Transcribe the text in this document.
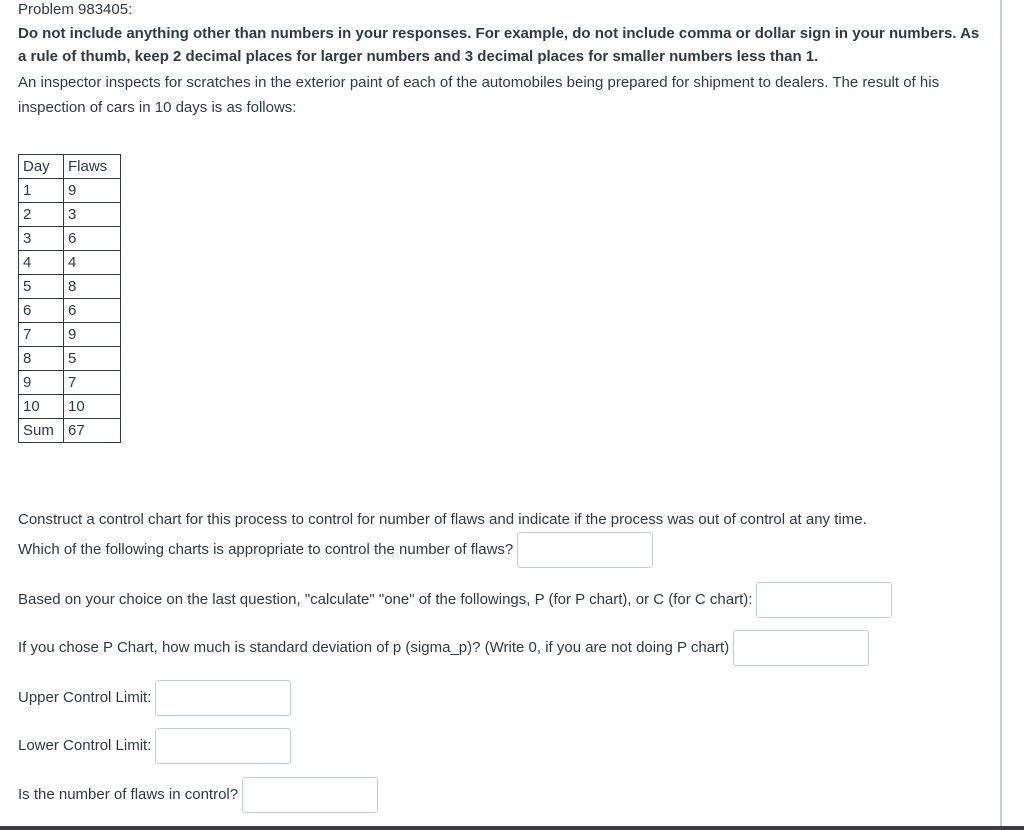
Problem 983405:
Do not include anything other than numbers in your responses. For example, do not include comma or dollar sign in your numbers. As a rule of thumb, keep 2 decimal places for larger numbers and 3 decimal places for smaller numbers less than 1.
An inspector inspects for scratches in the exterior paint of each of the automobiles being prepared for shipment to dealers. The result of his inspection of cars in 10 days is as follows:
Day	Flaws
1	9
2	3
3	6
4	4
5	8
6	6
7	9
8	5
9	7
10	10
Sum	67
Construct a control chart for this process to control for number of flaws and indicate if the process was out of control at any time.
Which of the following charts is appropriate to control the number of flaws?
Based on your choice on the last question, "calculate" "one" of the followings, P (for P chart), or C (for C chart):
If you chose P Chart, how much is standard deviation of p (sigma_p)? (Write 0, if you are not doing P chart)
Upper Control Limit:
Lower Control Limit:
Is the number of flaws in control?
